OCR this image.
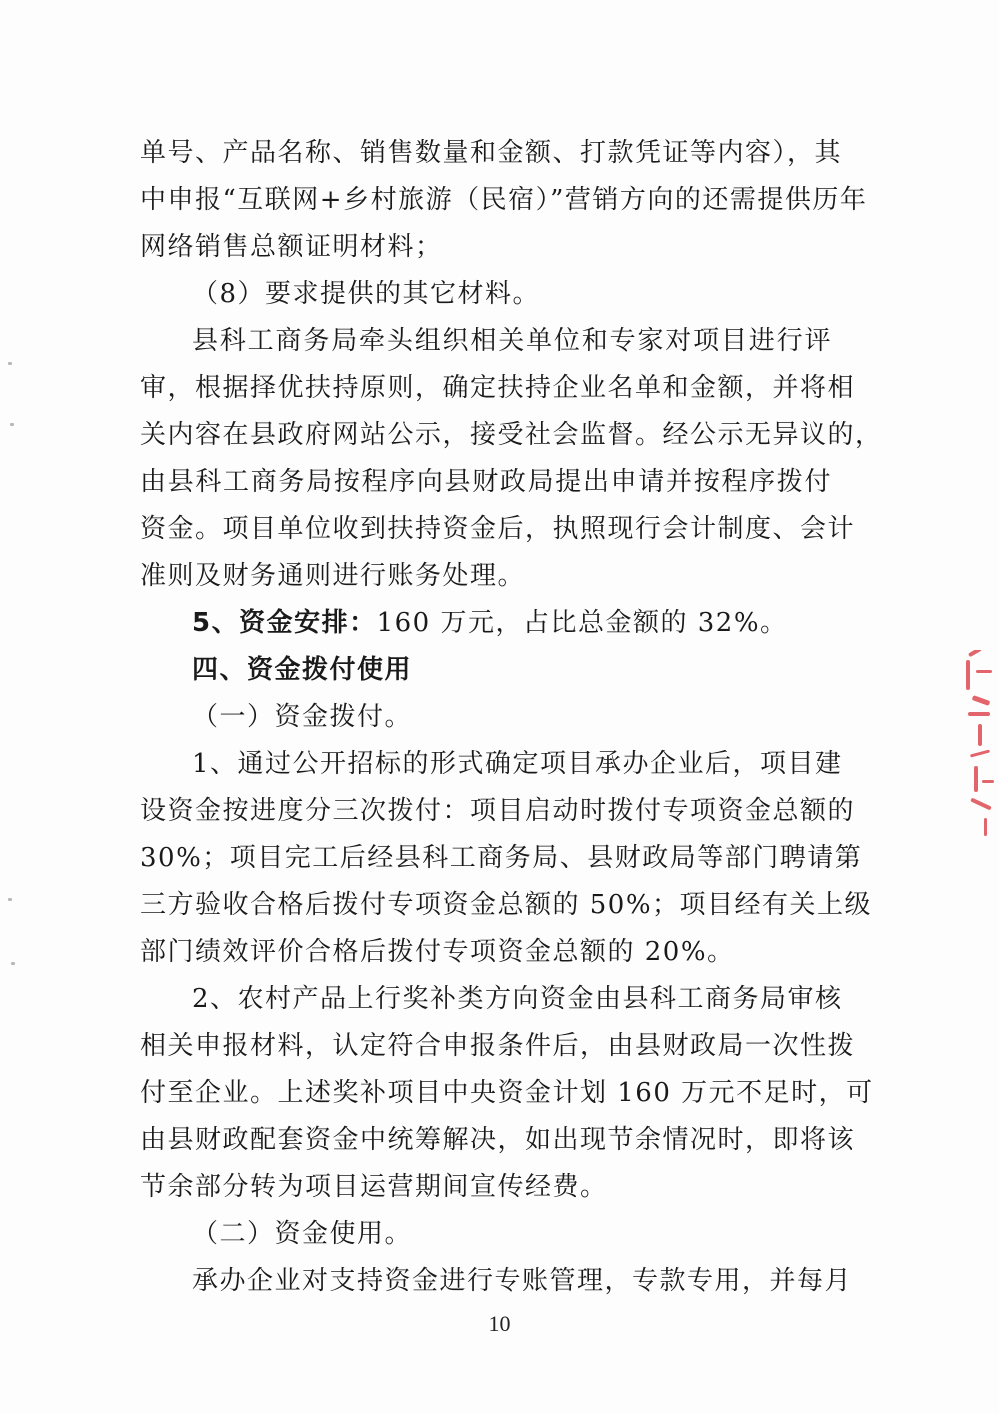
单号、产品名称、销售数量和金额、打款凭证等内容），其
中申报“互联网+乡村旅游（民宿）”营销方向的还需提供历年
网络销售总额证明材料；
（8）要求提供的其它材料。
县科工商务局牵头组织相关单位和专家对项目进行评
审，根据择优扶持原则，确定扶持企业名单和金额，并将相
关内容在县政府网站公示，接受社会监督。经公示无异议的，
由县科工商务局按程序向县财政局提出申请并按程序拨付
资金。项目单位收到扶持资金后，执照现行会计制度、会计
准则及财务通则进行账务处理。
5、资金安排：160 万元，占比总金额的 32%。
四、资金拨付使用
（一）资金拨付。
1、通过公开招标的形式确定项目承办企业后，项目建
设资金按进度分三次拨付：项目启动时拨付专项资金总额的
30%；项目完工后经县科工商务局、县财政局等部门聘请第
三方验收合格后拨付专项资金总额的 50%；项目经有关上级
部门绩效评价合格后拨付专项资金总额的 20%。
2、农村产品上行奖补类方向资金由县科工商务局审核
相关申报材料，认定符合申报条件后，由县财政局一次性拨
付至企业。上述奖补项目中央资金计划 160 万元不足时，可
由县财政配套资金中统筹解决，如出现节余情况时，即将该
节余部分转为项目运营期间宣传经费。
（二）资金使用。
承办企业对支持资金进行专账管理，专款专用，并每月
10
